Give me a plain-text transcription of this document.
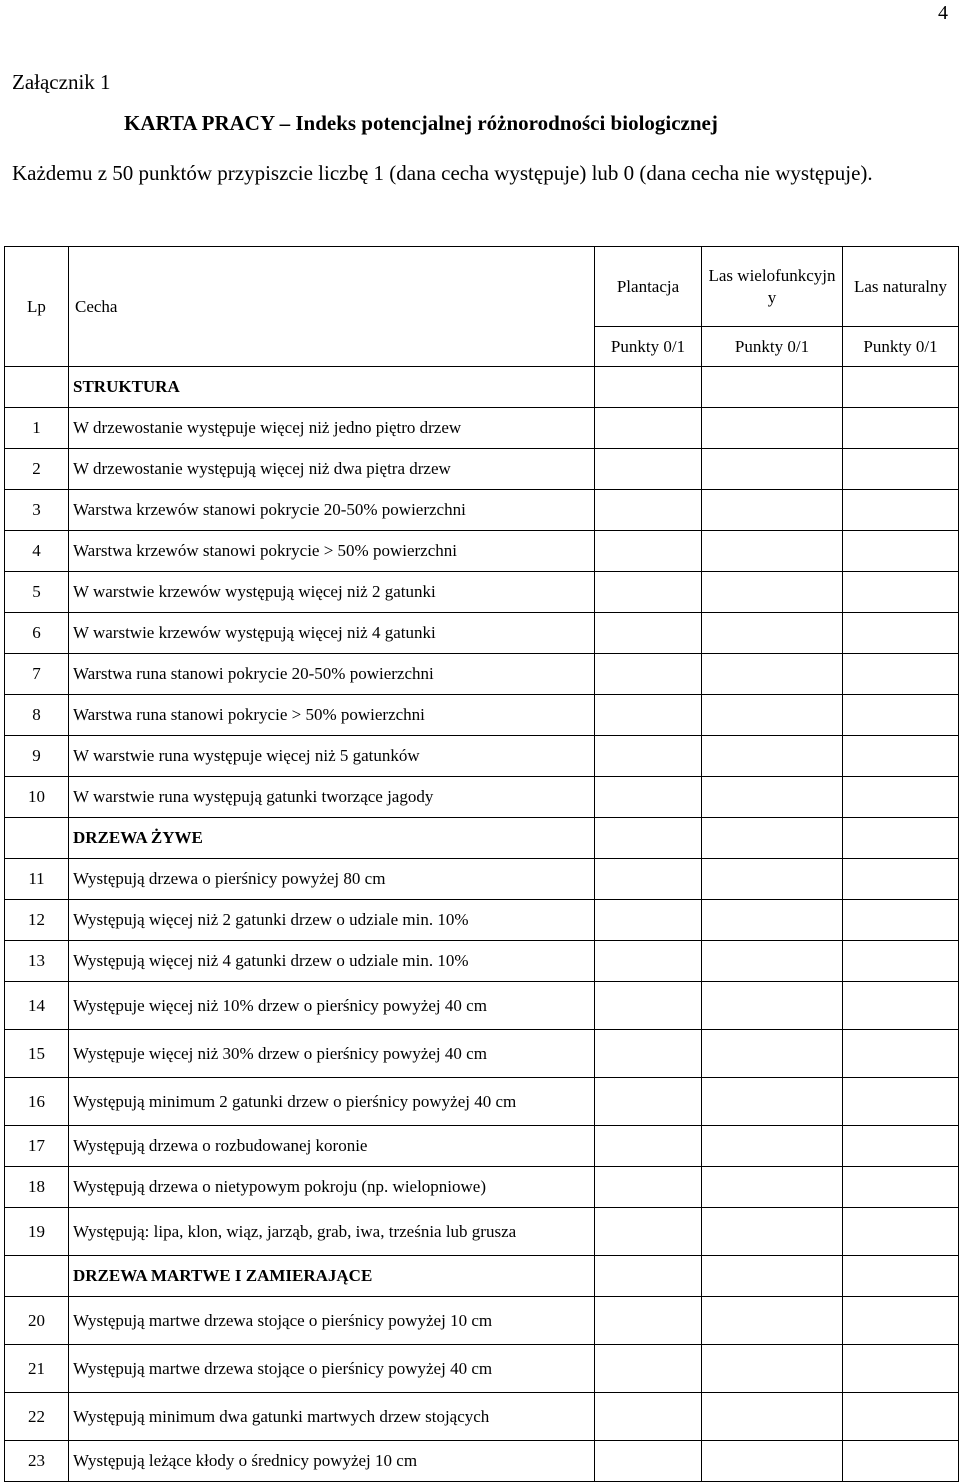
4
Załącznik 1
KARTA PRACY – Indeks potencjalnej różnorodności biologicznej
Każdemu z 50 punktów przypiszcie liczbę 1 (dana cecha występuje) lub 0 (dana cecha nie występuje).
Lp	Cecha	Plantacja	Las wielofunkcyjn y	Las naturalny
		Punkty 0/1	Punkty 0/1	Punkty 0/1
	STRUKTURA			
1	W drzewostanie występuje więcej niż jedno piętro drzew			
2	W drzewostanie występują więcej niż dwa piętra drzew			
3	Warstwa krzewów stanowi pokrycie 20-50% powierzchni			
4	Warstwa krzewów stanowi pokrycie > 50% powierzchni			
5	W warstwie krzewów występują więcej niż 2 gatunki			
6	W warstwie krzewów występują więcej niż 4 gatunki			
7	Warstwa runa stanowi pokrycie 20-50% powierzchni			
8	Warstwa runa stanowi pokrycie > 50% powierzchni			
9	W warstwie runa występuje więcej niż 5 gatunków			
10	W warstwie runa występują gatunki tworzące jagody			
	DRZEWA ŻYWE			
11	Występują drzewa o pierśnicy powyżej 80 cm			
12	Występują więcej niż 2 gatunki drzew o udziale min. 10%			
13	Występują więcej niż 4 gatunki drzew o udziale min. 10%			
14	Występuje więcej niż 10% drzew o pierśnicy powyżej 40 cm			
15	Występuje więcej niż 30% drzew o pierśnicy powyżej 40 cm			
16	Występują minimum 2 gatunki drzew o pierśnicy powyżej 40 cm			
17	Występują drzewa o rozbudowanej koronie			
18	Występują drzewa o nietypowym pokroju (np. wielopniowe)			
19	Występują: lipa, klon, wiąz, jarząb, grab, iwa, trześnia lub grusza			
	DRZEWA MARTWE I ZAMIERAJĄCE			
20	Występują martwe drzewa stojące o pierśnicy powyżej 10 cm			
21	Występują martwe drzewa stojące o pierśnicy powyżej 40 cm			
22	Występują minimum dwa gatunki martwych drzew stojących			
23	Występują leżące kłody o średnicy powyżej 10 cm			
